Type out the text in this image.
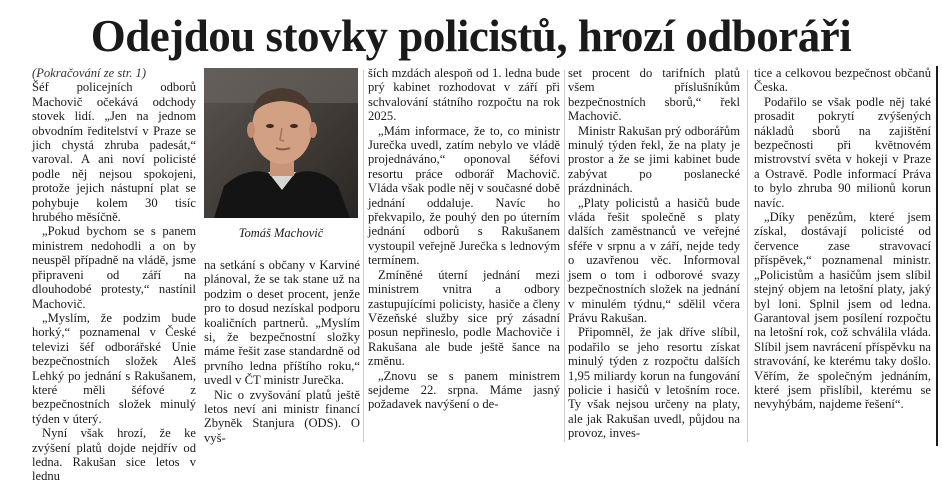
Odejdou stovky policistů, hrozí odboráři

(Pokračování ze str. 1)

Šéf policejních odborů Machovič očekává odchody stovek lidí. „Jen na jednom obvodním ředitelství v Praze se jich chystá zhruba padesát,“ varoval. A ani noví policisté podle něj nejsou spokojeni, protože jejich nástupní plat se pohybuje kolem 30 tisíc hrubého měsíčně.

„Pokud bychom se s panem ministrem nedohodli a on by neuspěl případně na vládě, jsme připraveni od září na dlouhodobé protesty,“ nastínil Machovič.

„Myslím, že podzim bude horký,“ poznamenal v České televizi šéf odborářské Unie bezpečnostních složek Aleš Lehký po jednání s Rakušanem, které měli šéfové z bezpečnostních složek minulý týden v úterý.

Nyní však hrozí, že ke zvýšení platů dojde nejdřív od ledna. Rakušan sice letos v lednu

Tomáš Machovič

na setkání s občany v Karviné plánoval, že se tak stane už na podzim o deset procent, jenže pro to dosud nezískal podporu koaličních partnerů. „Myslím si, že bezpečnostní složky máme řešit zase standardně od prvního ledna příštího roku,“ uvedl v ČT ministr Jurečka.

Nic o zvyšování platů ještě letos neví ani ministr financí Zbyněk Stanjura (ODS). O vyš-

ších mzdách alespoň od 1. ledna bude prý kabinet rozhodovat v září při schvalování státního rozpočtu na rok 2025.

„Mám informace, že to, co ministr Jurečka uvedl, zatím nebylo ve vládě projednáváno,“ oponoval šéfovi resortu práce odborář Machovič. Vláda však podle něj v současné době jednání oddaluje. Navíc ho překvapilo, že pouhý den po úterním jednání odborů s Rakušanem vystoupil veřejně Jurečka s lednovým termínem.

Zmíněné úterní jednání mezi ministrem vnitra a odbory zastupujícími policisty, hasiče a členy Vězeňské služby sice prý zásadní posun nepřineslo, podle Machoviče i Rakušana ale bude ještě šance na změnu.

„Znovu se s panem ministrem sejdeme 22. srpna. Máme jasný požadavek navýšení o de-

set procent do tarifních platů všem příslušníkům bezpečnostních sborů,“ řekl Machovič.

Ministr Rakušan prý odborářům minulý týden řekl, že na platy je prostor a že se jimi kabinet bude zabývat po poslanecké prázdninách.

„Platy policistů a hasičů bude vláda řešit společně s platy dalších zaměstnanců ve veřejné sféře v srpnu a v září, nejde tedy o uzavřenou věc. Informoval jsem o tom i odborové svazy bezpečnostních složek na jednání v minulém týdnu,“ sdělil včera Právu Rakušan.

Připomněl, že jak dříve slíbil, podařilo se jeho resortu získat minulý týden z rozpočtu dalších 1,95 miliardy korun na fungování policie i hasičů v letošním roce. Ty však nejsou určeny na platy, ale jak Rakušan uvedl, půjdou na provoz, inves-

tice a celkovou bezpečnost občanů Česka.

Podařilo se však podle něj také prosadit pokrytí zvýšených nákladů sborů na zajištění bezpečnosti při květnovém mistrovství světa v hokeji v Praze a Ostravě. Podle informací Práva to bylo zhruba 90 milionů korun navíc.

„Díky penězům, které jsem získal, dostávají policisté od července zase stravovací příspěvek,“ poznamenal ministr. „Policistům a hasičům jsem slíbil stejný objem na letošní platy, jaký byl loni. Splnil jsem od ledna. Garantoval jsem posílení rozpočtu na letošní rok, což schválila vláda. Slíbil jsem navrácení příspěvku na stravování, ke kterému taky došlo. Věřím, že společným jednáním, které jsem přislíbil, kterému se nevyhýbám, najdeme řešení“.
